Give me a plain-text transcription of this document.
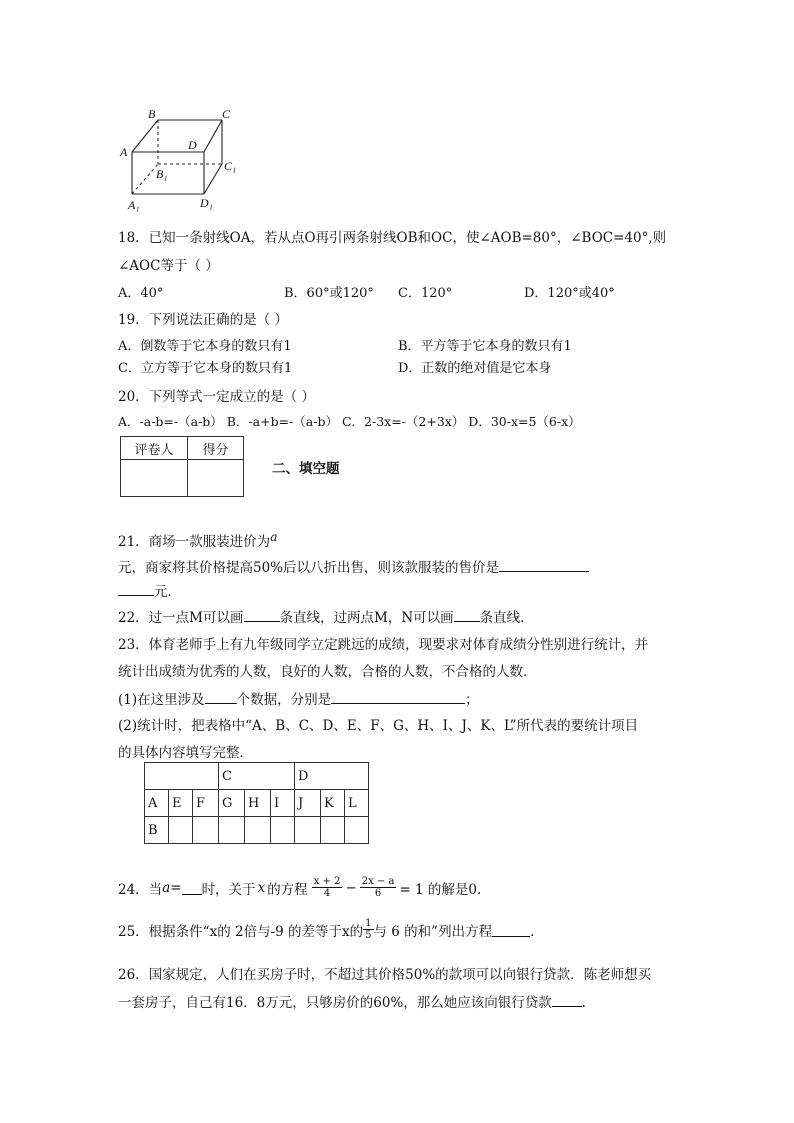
B	C
A	D
C₁
B₁
A₁	D₁
18．已知一条射线OA，若从点O再引两条射线OB和OC，使∠AOB=80°，∠BOC=40°,则
∠AOC等于（ ）
A．40°	B．60°或120° C．120°	D．120°或40°
19．下列说法正确的是（ ）
A．倒数等于它本身的数只有1	B．平方等于它本身的数只有1
C．立方等于它本身的数只有1	D．正数的绝对值是它本身
20．下列等式一定成立的是（ ）
A．-a-b=-（a-b） B．-a+b=-（a-b） C．2-3x=-（2+3x） D．30-x=5（6-x）
评卷人	得分

二、填空题
21．商场一款服装进价为a
元，商家将其价格提高50%后以八折出售，则该款服装的售价是
元．
22．过一点M可以画	条直线，过两点M，N可以画 条直线．
23．体育老师手上有九年级同学立定跳远的成绩，现要求对体育成绩分性别进行统计，并
统计出成绩为优秀的人数，良好的人数，合格的人数，不合格的人数．
(1)在这里涉及 个数据，分别是	；
(2)统计时，把表格中“A、B、C、D、E、F、G、H、I、J、K、L”所代表的要统计项目
的具体内容填写完整．
			C			D		
A	E	F	G	H	I	J	K	L
B								
24．当 a = 时，关于 x 的方程 $\frac{x + 2}{4} - \frac{2x - a}{6} = 1$ 的解是0.
25．根据条件“x的 2倍与-9 的差等于x的 $\frac{1}{5}$ 与 6 的和”列出方程	．
26．国家规定，人们在买房子时，不超过其价格50%的款项可以向银行贷款．陈老师想买
一套房子，自己有16．8万元，只够房价的60%，那么她应该向银行贷款 ．
